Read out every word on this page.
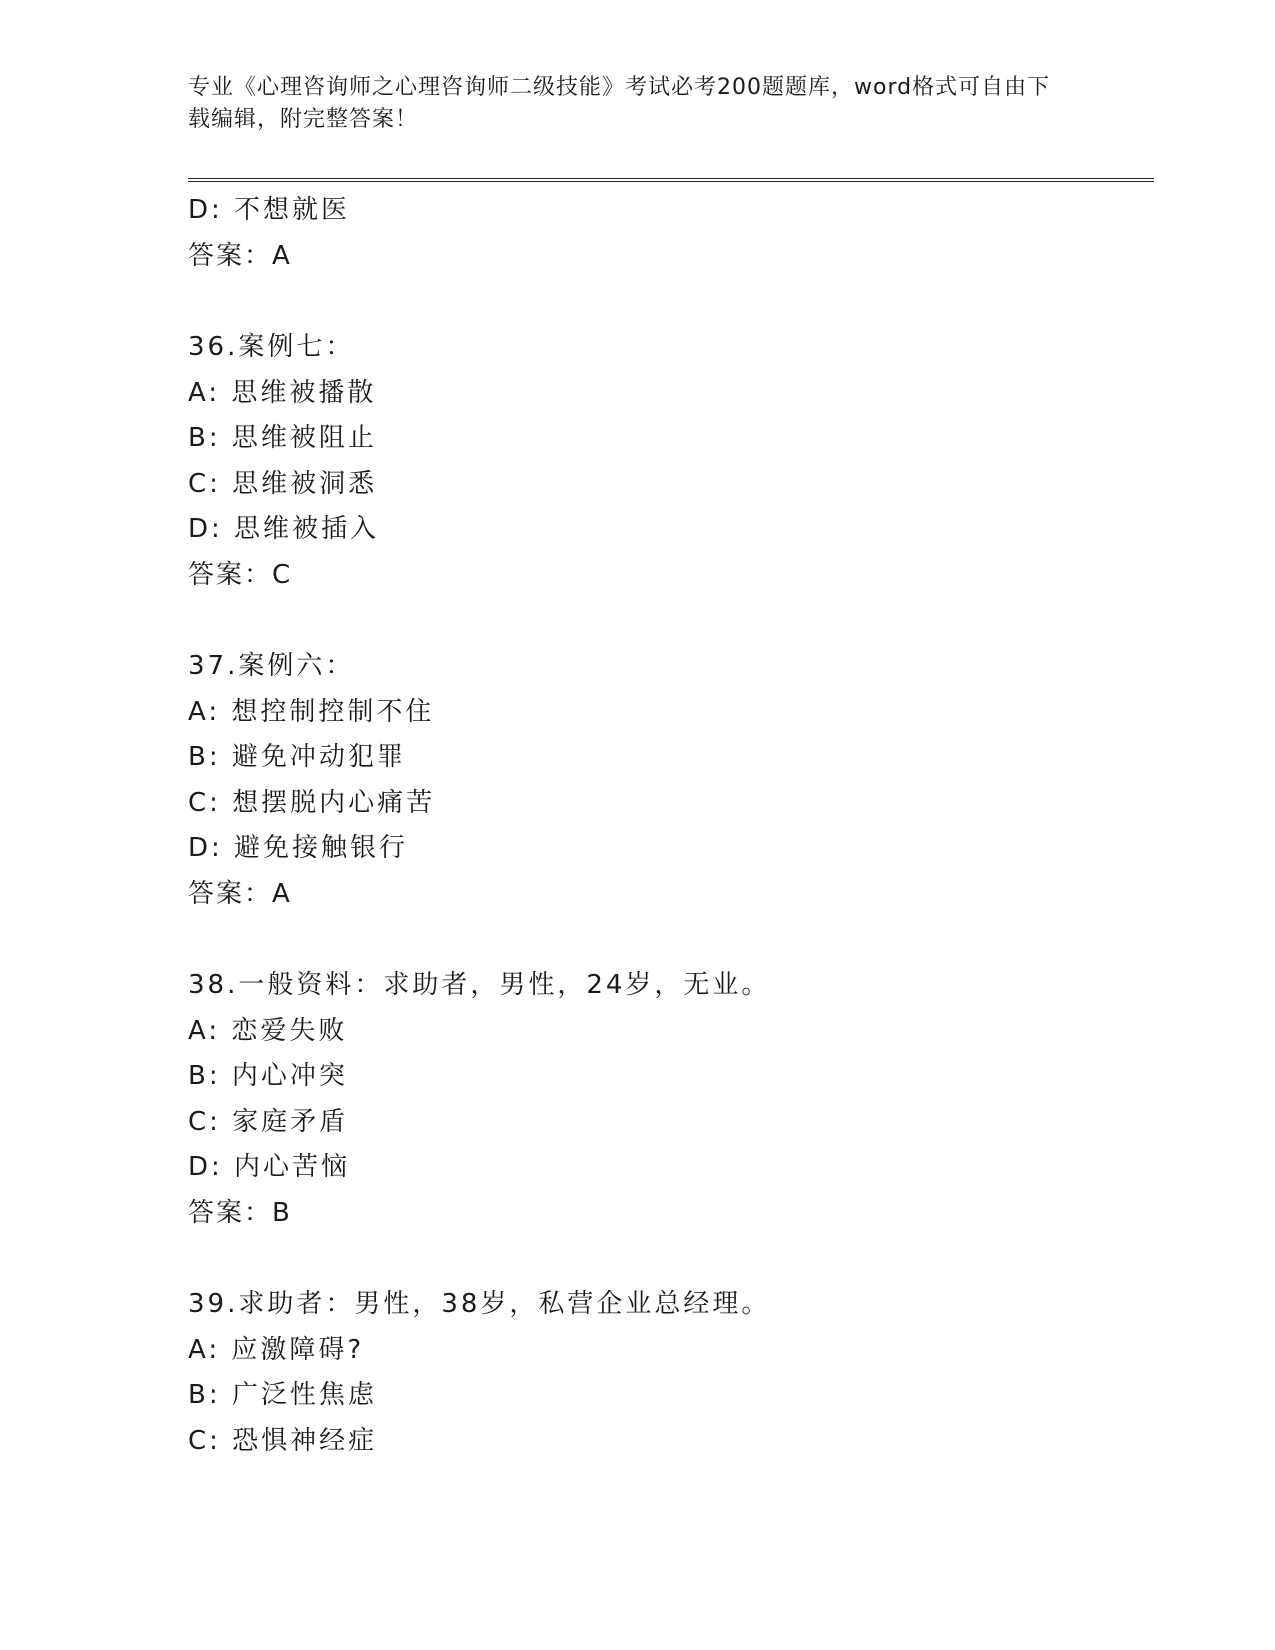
专业《心理咨询师之心理咨询师二级技能》考试必考200题题库，word格式可自由下载编辑，附完整答案！
D: 不想就医
答案：A
36.案例七：
A: 思维被播散
B: 思维被阻止
C: 思维被洞悉
D: 思维被插入
答案：C
37.案例六：
A: 想控制控制不住
B: 避免冲动犯罪
C: 想摆脱内心痛苦
D: 避免接触银行
答案：A
38.一般资料：求助者，男性，24岁，无业。
A: 恋爱失败
B: 内心冲突
C: 家庭矛盾
D: 内心苦恼
答案：B
39.求助者：男性，38岁，私营企业总经理。
A: 应激障碍?
B: 广泛性焦虑
C: 恐惧神经症
